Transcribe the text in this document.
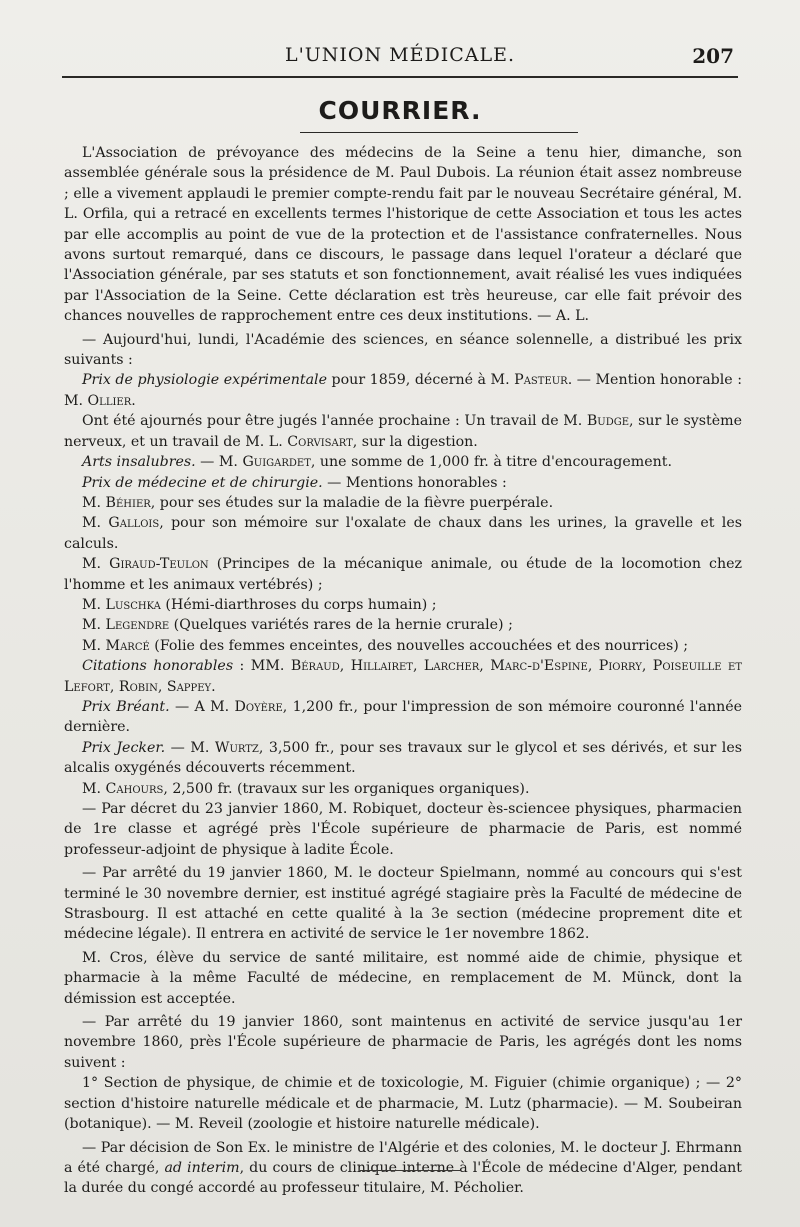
L'UNION MÉDICALE.	207
COURRIER.

L'Association de prévoyance des médecins de la Seine a tenu hier, dimanche, son assemblée générale sous la présidence de M. Paul Dubois. La réunion était assez nombreuse ; elle a vivement applaudi le premier compte-rendu fait par le nouveau Secrétaire général, M. L. Orfila, qui a retracé en excellents termes l'historique de cette Association et tous les actes par elle accomplis au point de vue de la protection et de l'assistance confraternelles. Nous avons surtout remarqué, dans ce discours, le passage dans lequel l'orateur a déclaré que l'Association générale, par ses statuts et son fonctionnement, avait réalisé les vues indiquées par l'Association de la Seine. Cette déclaration est très heureuse, car elle fait prévoir des chances nouvelles de rapprochement entre ces deux institutions. — A. L.

— Aujourd'hui, lundi, l'Académie des sciences, en séance solennelle, a distribué les prix suivants :

Prix de physiologie expérimentale pour 1859, décerné à M. Pasteur. — Mention honorable : M. Ollier.

Ont été ajournés pour être jugés l'année prochaine : Un travail de M. Budge, sur le système nerveux, et un travail de M. L. Corvisart, sur la digestion.

Arts insalubres. — M. Guigardet, une somme de 1,000 fr. à titre d'encouragement.

Prix de médecine et de chirurgie. — Mentions honorables :

M. Béhier, pour ses études sur la maladie de la fièvre puerpérale.

M. Gallois, pour son mémoire sur l'oxalate de chaux dans les urines, la gravelle et les calculs.

M. Giraud-Teulon (Principes de la mécanique animale, ou étude de la locomotion chez l'homme et les animaux vertébrés) ;

M. Luschka (Hémi-diarthroses du corps humain) ;

M. Legendre (Quelques variétés rares de la hernie crurale) ;

M. Marcé (Folie des femmes enceintes, des nouvelles accouchées et des nourrices) ;

Citations honorables : MM. Béraud, Hillairet, Larcher, Marc-d'Espine, Piorry, Poiseuille et Lefort, Robin, Sappey.

Prix Bréant. — A M. Doyère, 1,200 fr., pour l'impression de son mémoire couronné l'année dernière.

Prix Jecker. — M. Wurtz, 3,500 fr., pour ses travaux sur le glycol et ses dérivés, et sur les alcalis oxygénés découverts récemment.

M. Cahours, 2,500 fr. (travaux sur les organiques organiques).

— Par décret du 23 janvier 1860, M. Robiquet, docteur ès-sciencee physiques, pharmacien de 1re classe et agrégé près l'École supérieure de pharmacie de Paris, est nommé professeur-adjoint de physique à ladite École.

— Par arrêté du 19 janvier 1860, M. le docteur Spielmann, nommé au concours qui s'est terminé le 30 novembre dernier, est institué agrégé stagiaire près la Faculté de médecine de Strasbourg. Il est attaché en cette qualité à la 3e section (médecine proprement dite et médecine légale). Il entrera en activité de service le 1er novembre 1862.

M. Cros, élève du service de santé militaire, est nommé aide de chimie, physique et pharmacie à la même Faculté de médecine, en remplacement de M. Münck, dont la démission est acceptée.

— Par arrêté du 19 janvier 1860, sont maintenus en activité de service jusqu'au 1er novembre 1860, près l'École supérieure de pharmacie de Paris, les agrégés dont les noms suivent :

1° Section de physique, de chimie et de toxicologie, M. Figuier (chimie organique) ; — 2° section d'histoire naturelle médicale et de pharmacie, M. Lutz (pharmacie). — M. Soubeiran (botanique). — M. Reveil (zoologie et histoire naturelle médicale).

— Par décision de Son Ex. le ministre de l'Algérie et des colonies, M. le docteur J. Ehrmann a été chargé, ad interim, du cours de clinique interne à l'École de médecine d'Alger, pendant la durée du congé accordé au professeur titulaire, M. Pécholier.
